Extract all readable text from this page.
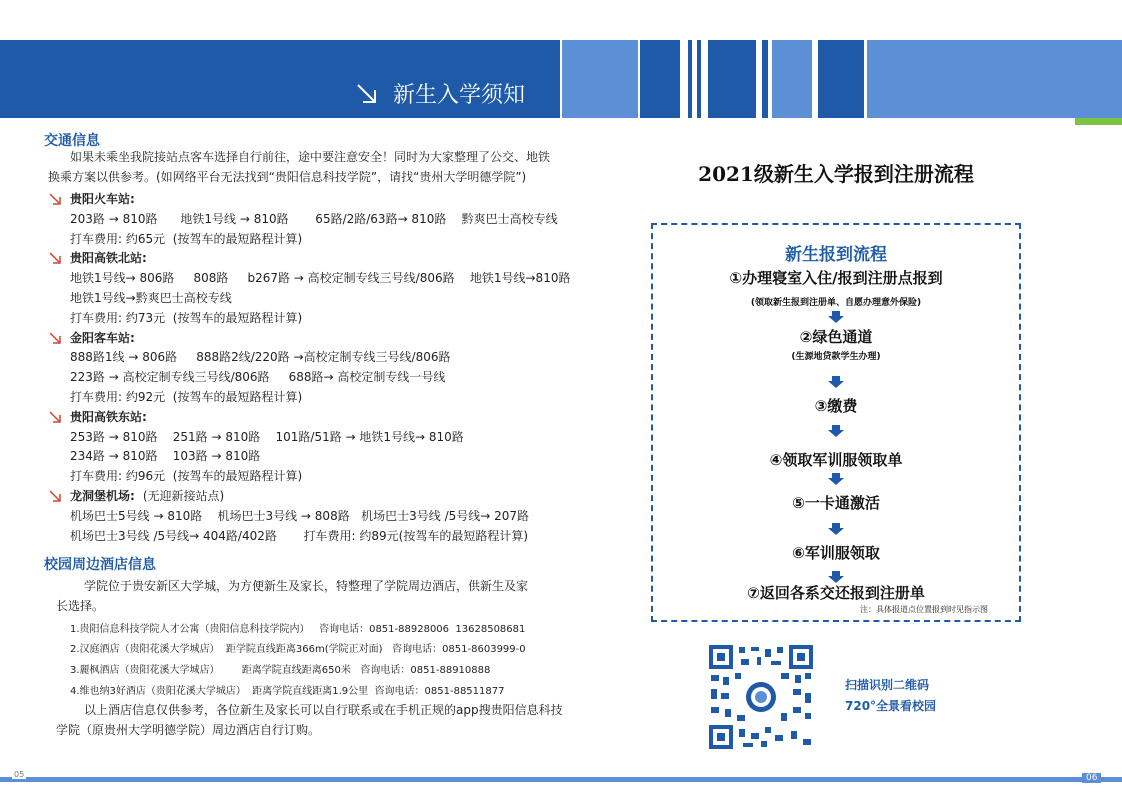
新生入学须知
交通信息
如果未乘坐我院接站点客车选择自行前往，途中要注意安全！同时为大家整理了公交、地铁
换乘方案以供参考。(如网络平台无法找到“贵阳信息科技学院”，请找“贵州大学明德学院”)
贵阳火车站:
203路 → 810路      地铁1号线 → 810路       65路/2路/63路→ 810路    黔爽巴士高校专线
打车费用: 约65元  (按驾车的最短路程计算)
贵阳高铁北站:
地铁1号线→ 806路     808路     b267路 → 高校定制专线三号线/806路    地铁1号线→810路
地铁1号线→黔爽巴士高校专线
打车费用: 约73元  (按驾车的最短路程计算)
金阳客车站:
888路1线 → 806路     888路2线/220路 →高校定制专线三号线/806路
223路 → 高校定制专线三号线/806路     688路→ 高校定制专线一号线
打车费用: 约92元  (按驾车的最短路程计算)
贵阳高铁东站:
253路 → 810路    251路 → 810路    101路/51路 → 地铁1号线→ 810路
234路 → 810路    103路 → 810路
打车费用: 约96元  (按驾车的最短路程计算)
龙洞堡机场: (无迎新接站点)
机场巴士5号线 → 810路    机场巴士3号线 → 808路   机场巴士3号线 /5号线→ 207路
机场巴士3号线 /5号线→ 404路/402路       打车费用: 约89元(按驾车的最短路程计算)
校园周边酒店信息
学院位于贵安新区大学城，为方便新生及家长，特整理了学院周边酒店，供新生及家
长选择。
1.贵阳信息科技学院人才公寓（贵阳信息科技学院内）   咨询电话：0851-88928006  13628508681
2.汉庭酒店（贵阳花溪大学城店）  距学院直线距离366m(学院正对面)   咨询电话：0851-8603999-0
3.麗枫酒店（贵阳花溪大学城店）       距离学院直线距离650米   咨询电话：0851-88910888
4.维也纳3好酒店（贵阳花溪大学城店）  距离学院直线距离1.9公里  咨询电话：0851-88511877
以上酒店信息仅供参考，各位新生及家长可以自行联系或在手机正规的app搜贵阳信息科技
学院（原贵州大学明德学院）周边酒店自行订购。
2021级新生入学报到注册流程
新生报到流程
①办理寝室入住/报到注册点报到
(领取新生报到注册单、自愿办理意外保险)
②绿色通道
(生源地贷款学生办理)
③缴费
④领取军训服领取单
⑤一卡通激活
⑥军训服领取
⑦返回各系交还报到注册单
注：具体报道点位置报到时见指示图
扫描识别二维码
720°全景看校园
05	06
